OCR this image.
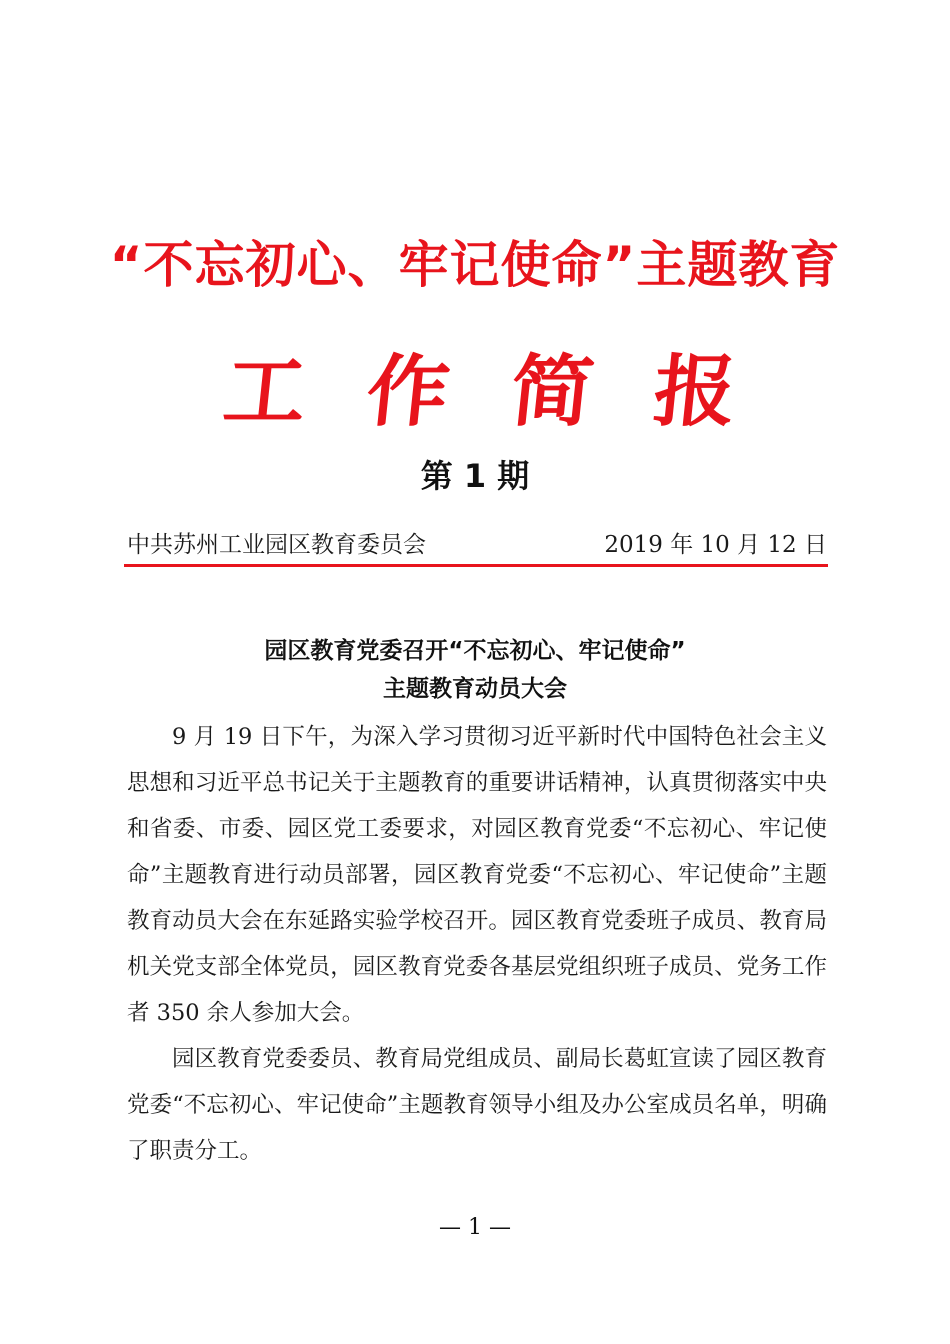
“不忘初心、牢记使命”主题教育
工 作 简 报
第 1 期
中共苏州工业园区教育委员会	2019 年 10 月 12 日
园区教育党委召开“不忘初心、牢记使命”
主题教育动员大会

9 月 19 日下午，为深入学习贯彻习近平新时代中国特色社会主义思想和习近平总书记关于主题教育的重要讲话精神，认真贯彻落实中央和省委、市委、园区党工委要求，对园区教育党委“不忘初心、牢记使命”主题教育进行动员部署，园区教育党委“不忘初心、牢记使命”主题教育动员大会在东延路实验学校召开。园区教育党委班子成员、教育局机关党支部全体党员，园区教育党委各基层党组织班子成员、党务工作者 350 余人参加大会。

园区教育党委委员、教育局党组成员、副局长葛虹宣读了园区教育党委“不忘初心、牢记使命”主题教育领导小组及办公室成员名单，明确了职责分工。

— 1 —
